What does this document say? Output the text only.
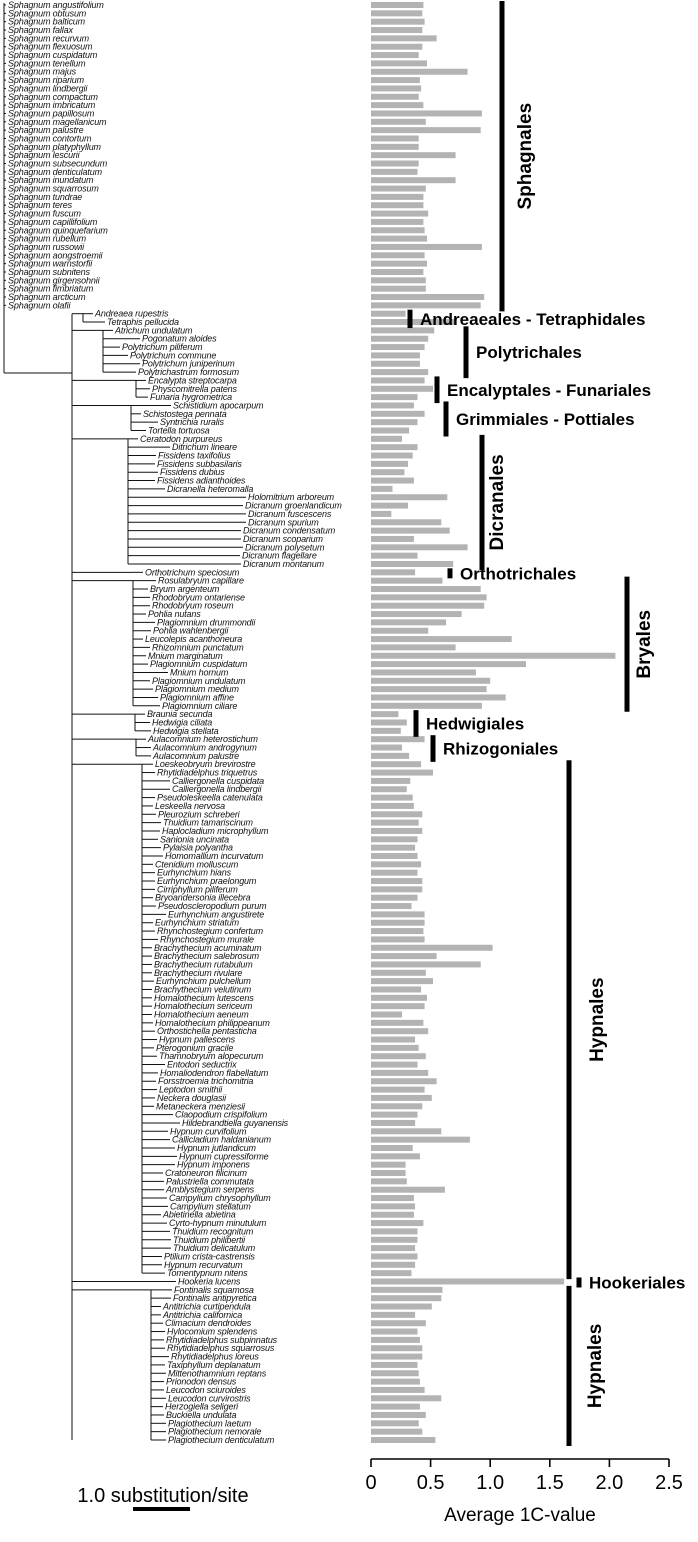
Sphagnum angustifolium
Sphagnum obtusum
Sphagnum balticum
Sphagnum fallax
Sphagnum recurvum
Sphagnum flexuosum
Sphagnum cuspidatum
Sphagnum tenellum
Sphagnum majus
Sphagnum riparium
Sphagnum lindbergii
Sphagnum compactum
Sphagnum imbricatum
Sphagnum papillosum
Sphagnum magellanicum
Sphagnum palustre
Sphagnum contortum
Sphagnum platyphyllum
Sphagnum lescurii
Sphagnum subsecundum
Sphagnum denticulatum
Sphagnum inundatum
Sphagnum squarrosum
Sphagnum tundrae
Sphagnum teres
Sphagnum fuscum
Sphagnum capillifolium
Sphagnum quinquefarium
Sphagnum rubellum
Sphagnum russowii
Sphagnum aongstroemii
Sphagnum warnstorfii
Sphagnum subnitens
Sphagnum girgensohnii
Sphagnum fimbriatum
Sphagnum arcticum
Sphagnum olafii
Andreaea rupestris
Tetraphis pellucida
Atrichum undulatum
Pogonatum aloides
Polytrichum piliferum
Polytrichum commune
Polytrichum juniperinum
Polytrichastrum formosum
Encalypta streptocarpa
Physcomitrella patens
Funaria hygrometrica
Schistidium apocarpum
Schistostega pennata
Syntrichia ruralis
Tortella tortuosa
Ceratodon purpureus
Ditrichum lineare
Fissidens taxifolius
Fissidens subbasilaris
Fissidens dubius
Fissidens adianthoides
Dicranella heteromalla
Holomitrium arboreum
Dicranum groenlandicum
Dicranum fuscescens
Dicranum spurium
Dicranum condensatum
Dicranum scoparium
Dicranum polysetum
Dicranum flagellare
Dicranum montanum
Orthotrichum speciosum
Rosulabryum capillare
Bryum argenteum
Rhodobryum ontariense
Rhodobryum roseum
Pohlia nutans
Plagiomnium drummondii
Pohlia wahlenbergii
Leucolepis acanthoneura
Rhizomnium punctatum
Mnium marginatum
Plagiomnium cuspidatum
Mnium hornum
Plagiomnium undulatum
Plagiomnium medium
Plagiomnium affine
Plagiomnium ciliare
Braunia secunda
Hedwigia ciliata
Hedwigia stellata
Aulacomnium heterostichum
Aulacomnium androgynum
Aulacomnium palustre
Loeskeobryum brevirostre
Rhytidiadelphus triquetrus
Calliergonella cuspidata
Calliergonella lindbergii
Pseudoleskeella catenulata
Leskeella nervosa
Pleurozium schreberi
Thuidium tamariscinum
Haplocladium microphyllum
Sanionia uncinata
Pylaisia polyantha
Homomallium incurvatum
Ctenidium molluscum
Eurhynchium hians
Eurhynchium praelongum
Cirriphyllum piliferum
Bryoandersonia illecebra
Pseudoscleropodium purum
Eurhynchium angustirete
Eurhynchium striatum
Rhynchostegium confertum
Rhynchostegium murale
Brachythecium acuminatum
Brachythecium salebrosum
Brachythecium rutabulum
Brachythecium rivulare
Eurhynchium pulchellum
Brachythecium velutinum
Homalothecium lutescens
Homalothecium sericeum
Homalothecium aeneum
Homalothecium philippeanum
Orthostichella pentasticha
Hypnum pallescens
Pterogonium gracile
Thamnobryum alopecurum
Entodon seductrix
Homaliodendron flabellatum
Forsstroemia trichomitria
Leptodon smithii
Neckera douglasii
Metaneckera menziesii
Claopodium crispifolium
Hildebrandtiella guyanensis
Hypnum curvifolium
Callicladium haldanianum
Hypnum jutlandicum
Hypnum cupressiforme
Hypnum imponens
Cratoneuron filicinum
Palustriella commutata
Amblystegium serpens
Campylium chrysophyllum
Campylium stellatum
Abietinella abietina
Cyrto-hypnum minutulum
Thuidium recognitum
Thuidium philibertii
Thuidium delicatulum
Ptilium crista-castrensis
Hypnum recurvatum
Tomentypnum nitens
Hookeria lucens
Fontinalis squamosa
Fontinalis antipyretica
Antitrichia curtipendula
Antitrichia californica
Climacium dendroides
Hylocomium splendens
Rhytidiadelphus subpinnatus
Rhytidiadelphus squarrosus
Rhytidiadelphus loreus
Taxiphyllum deplanatum
Mittenothamnium reptans
Prionodon densus
Leucodon sciuroides
Leucodon curvirostris
Herzogiella seligeri
Buckiella undulata
Plagiothecium laetum
Plagiothecium nemorale
Plagiothecium denticulatum
Sphagnales
Andreaeales - Tetraphidales
Polytrichales
Encalyptales - Funariales
Grimmiales - Pottiales
Dicranales
Orthotrichales
Bryales
Hedwigiales
Rhizogoniales
Hypnales
Hookeriales
Hypnales
0 0.5 1.0 1.5 2.0 2.5
Average 1C-value
1.0 substitution/site
